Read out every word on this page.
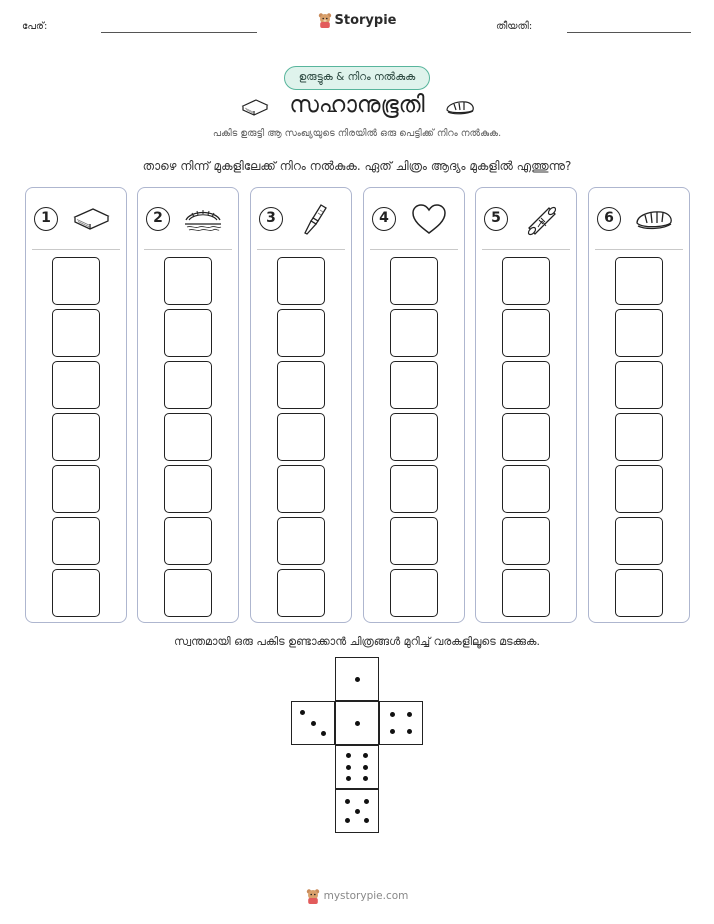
പേര്:	Storypie	തീയതി:
ഉരുട്ടുക & നിറം നൽകുക
സഹാനുഭൂതി
പകിട ഉരുട്ടി ആ സംഖ്യയുടെ നിരയിൽ ഒരു പെട്ടിക്ക് നിറം നൽകുക.
താഴെ നിന്ന് മുകളിലേക്ക് നിറം നൽകുക. ഏത് ചിത്രം ആദ്യം മുകളിൽ എത്തുന്നു?
1	2	3	4	5	6
സ്വന്തമായി ഒരു പകിട ഉണ്ടാക്കാൻ ചിത്രങ്ങൾ മുറിച്ച് വരകളിലൂടെ മടക്കുക.
mystorypie.com
